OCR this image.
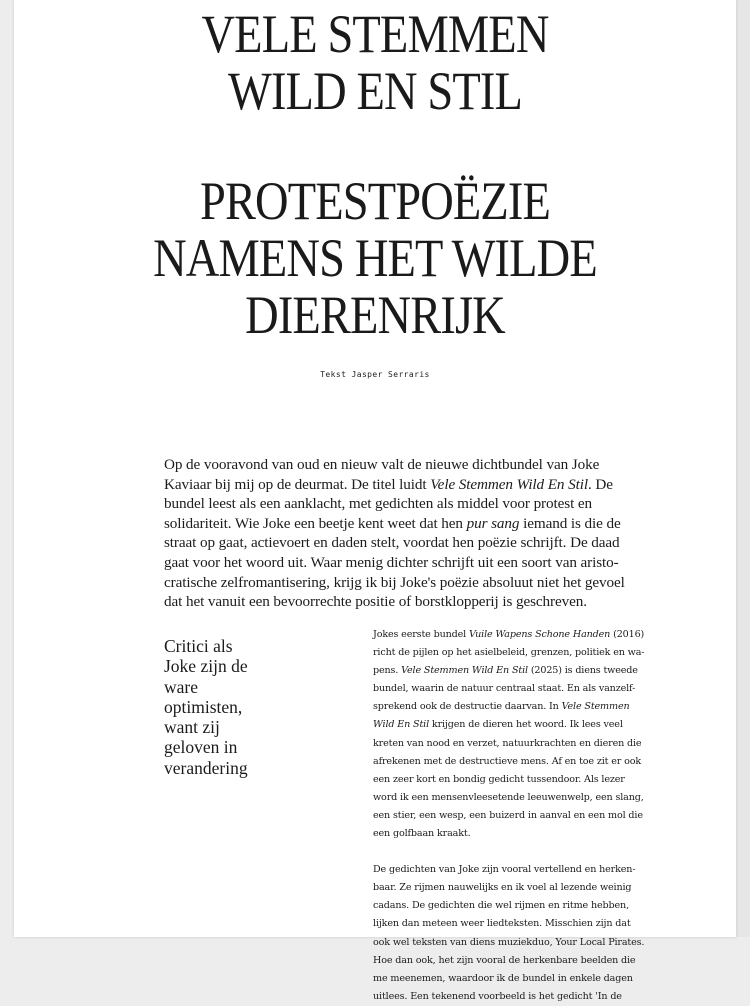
VELE STEMMEN
WILD EN STIL
PROTESTPOËZIE
NAMENS HET WILDE
DIERENRIJK
Tekst Jasper Serraris

Op de vooravond van oud en nieuw valt de nieuwe dichtbundel van Joke
Kaviaar bij mij op de deurmat. De titel luidt Vele Stemmen Wild En Stil. De
bundel leest als een aanklacht, met gedichten als middel voor protest en
solidariteit. Wie Joke een beetje kent weet dat hen pur sang iemand is die de
straat op gaat, actievoert en daden stelt, voordat hen poëzie schrijft. De daad
gaat voor het woord uit. Waar menig dichter schrijft uit een soort van aristo-
cratische zelfromantisering, krijg ik bij Joke's poëzie absoluut niet het gevoel
dat het vanuit een bevoorrechte positie of borstklopperij is geschreven.

Critici als
Joke zijn de
ware
optimisten,
want zij
geloven in
verandering

Jokes eerste bundel Vuile Wapens Schone Handen (2016)
richt de pijlen op het asielbeleid, grenzen, politiek en wa-
pens. Vele Stemmen Wild En Stil (2025) is diens tweede
bundel, waarin de natuur centraal staat. En als vanzelf-
sprekend ook de destructie daarvan. In Vele Stemmen
Wild En Stil krijgen de dieren het woord. Ik lees veel
kreten van nood en verzet, natuurkrachten en dieren die
afrekenen met de destructieve mens. Af en toe zit er ook
een zeer kort en bondig gedicht tussendoor. Als lezer
word ik een mensenvleesetende leeuwenwelp, een slang,
een stier, een wesp, een buizerd in aanval en een mol die
een golfbaan kraakt.
De gedichten van Joke zijn vooral vertellend en herken-
baar. Ze rijmen nauwelijks en ik voel al lezende weinig
cadans. De gedichten die wel rijmen en ritme hebben,
lijken dan meteen weer liedteksten. Misschien zijn dat
ook wel teksten van diens muziekduo, Your Local Pirates.
Hoe dan ook, het zijn vooral de herkenbare beelden die
me meenemen, waardoor ik de bundel in enkele dagen
uitlees. Een tekenend voorbeeld is het gedicht 'In de
